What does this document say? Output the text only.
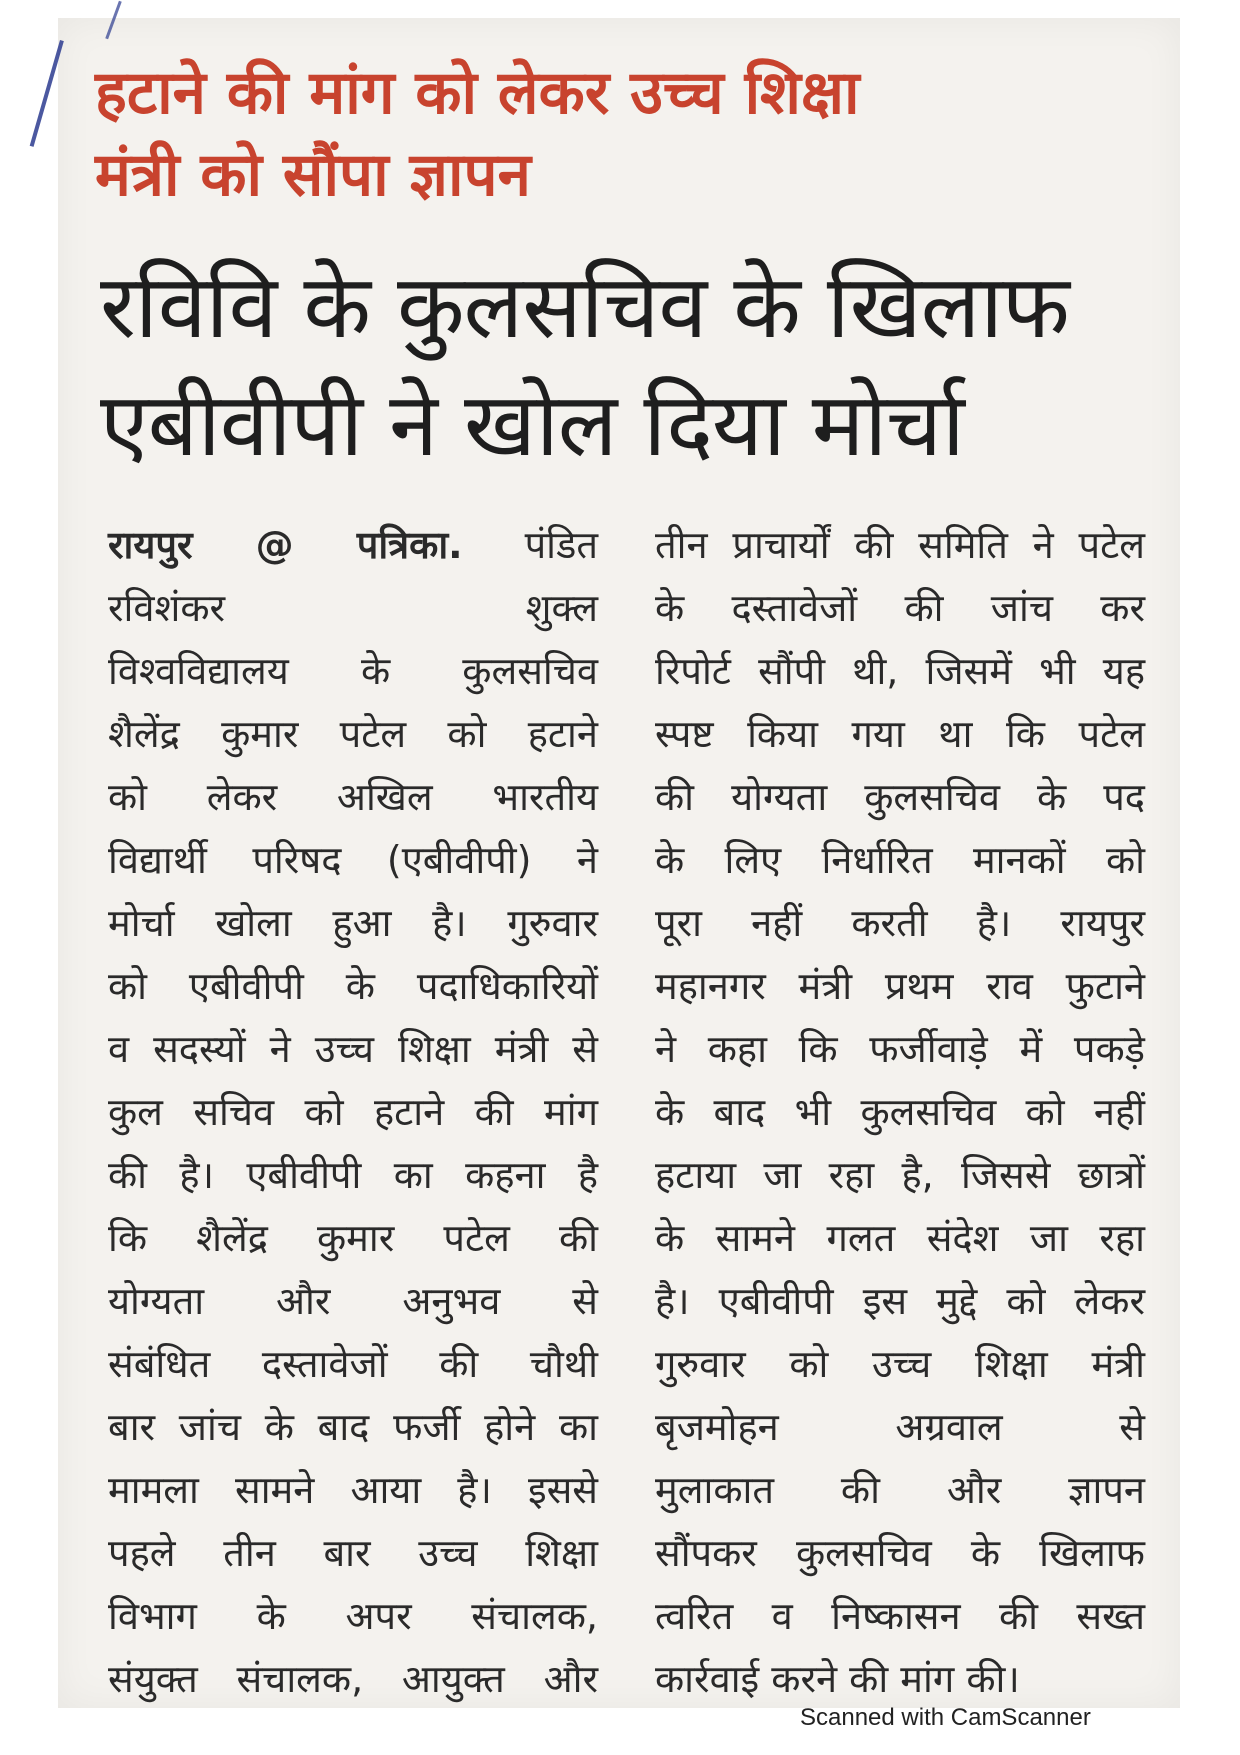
हटाने की मांग को लेकर उच्च शिक्षा
मंत्री को सौंपा ज्ञापन
रविवि के कुलसचिव के खिलाफ
एबीवीपी ने खोल दिया मोर्चा
रायपुर @ पत्रिका. पंडित
रविशंकर शुक्ल
विश्वविद्यालय के कुलसचिव
शैलेंद्र कुमार पटेल को हटाने
को लेकर अखिल भारतीय
विद्यार्थी परिषद (एबीवीपी) ने
मोर्चा खोला हुआ है। गुरुवार
को एबीवीपी के पदाधिकारियों
व सदस्यों ने उच्च शिक्षा मंत्री से
कुल सचिव को हटाने की मांग
की है। एबीवीपी का कहना है
कि शैलेंद्र कुमार पटेल की
योग्यता और अनुभव से
संबंधित दस्तावेजों की चौथी
बार जांच के बाद फर्जी होने का
मामला सामने आया है। इससे
पहले तीन बार उच्च शिक्षा
विभाग के अपर संचालक,
संयुक्त संचालक, आयुक्त और
तीन प्राचार्यों की समिति ने पटेल
के दस्तावेजों की जांच कर
रिपोर्ट सौंपी थी, जिसमें भी यह
स्पष्ट किया गया था कि पटेल
की योग्यता कुलसचिव के पद
के लिए निर्धारित मानकों को
पूरा नहीं करती है। रायपुर
महानगर मंत्री प्रथम राव फुटाने
ने कहा कि फर्जीवाड़े में पकड़े
के बाद भी कुलसचिव को नहीं
हटाया जा रहा है, जिससे छात्रों
के सामने गलत संदेश जा रहा
है। एबीवीपी इस मुद्दे को लेकर
गुरुवार को उच्च शिक्षा मंत्री
बृजमोहन अग्रवाल से
मुलाकात की और ज्ञापन
सौंपकर कुलसचिव के खिलाफ
त्वरित व निष्कासन की सख्त
कार्रवाई करने की मांग की।
Scanned with CamScanner
